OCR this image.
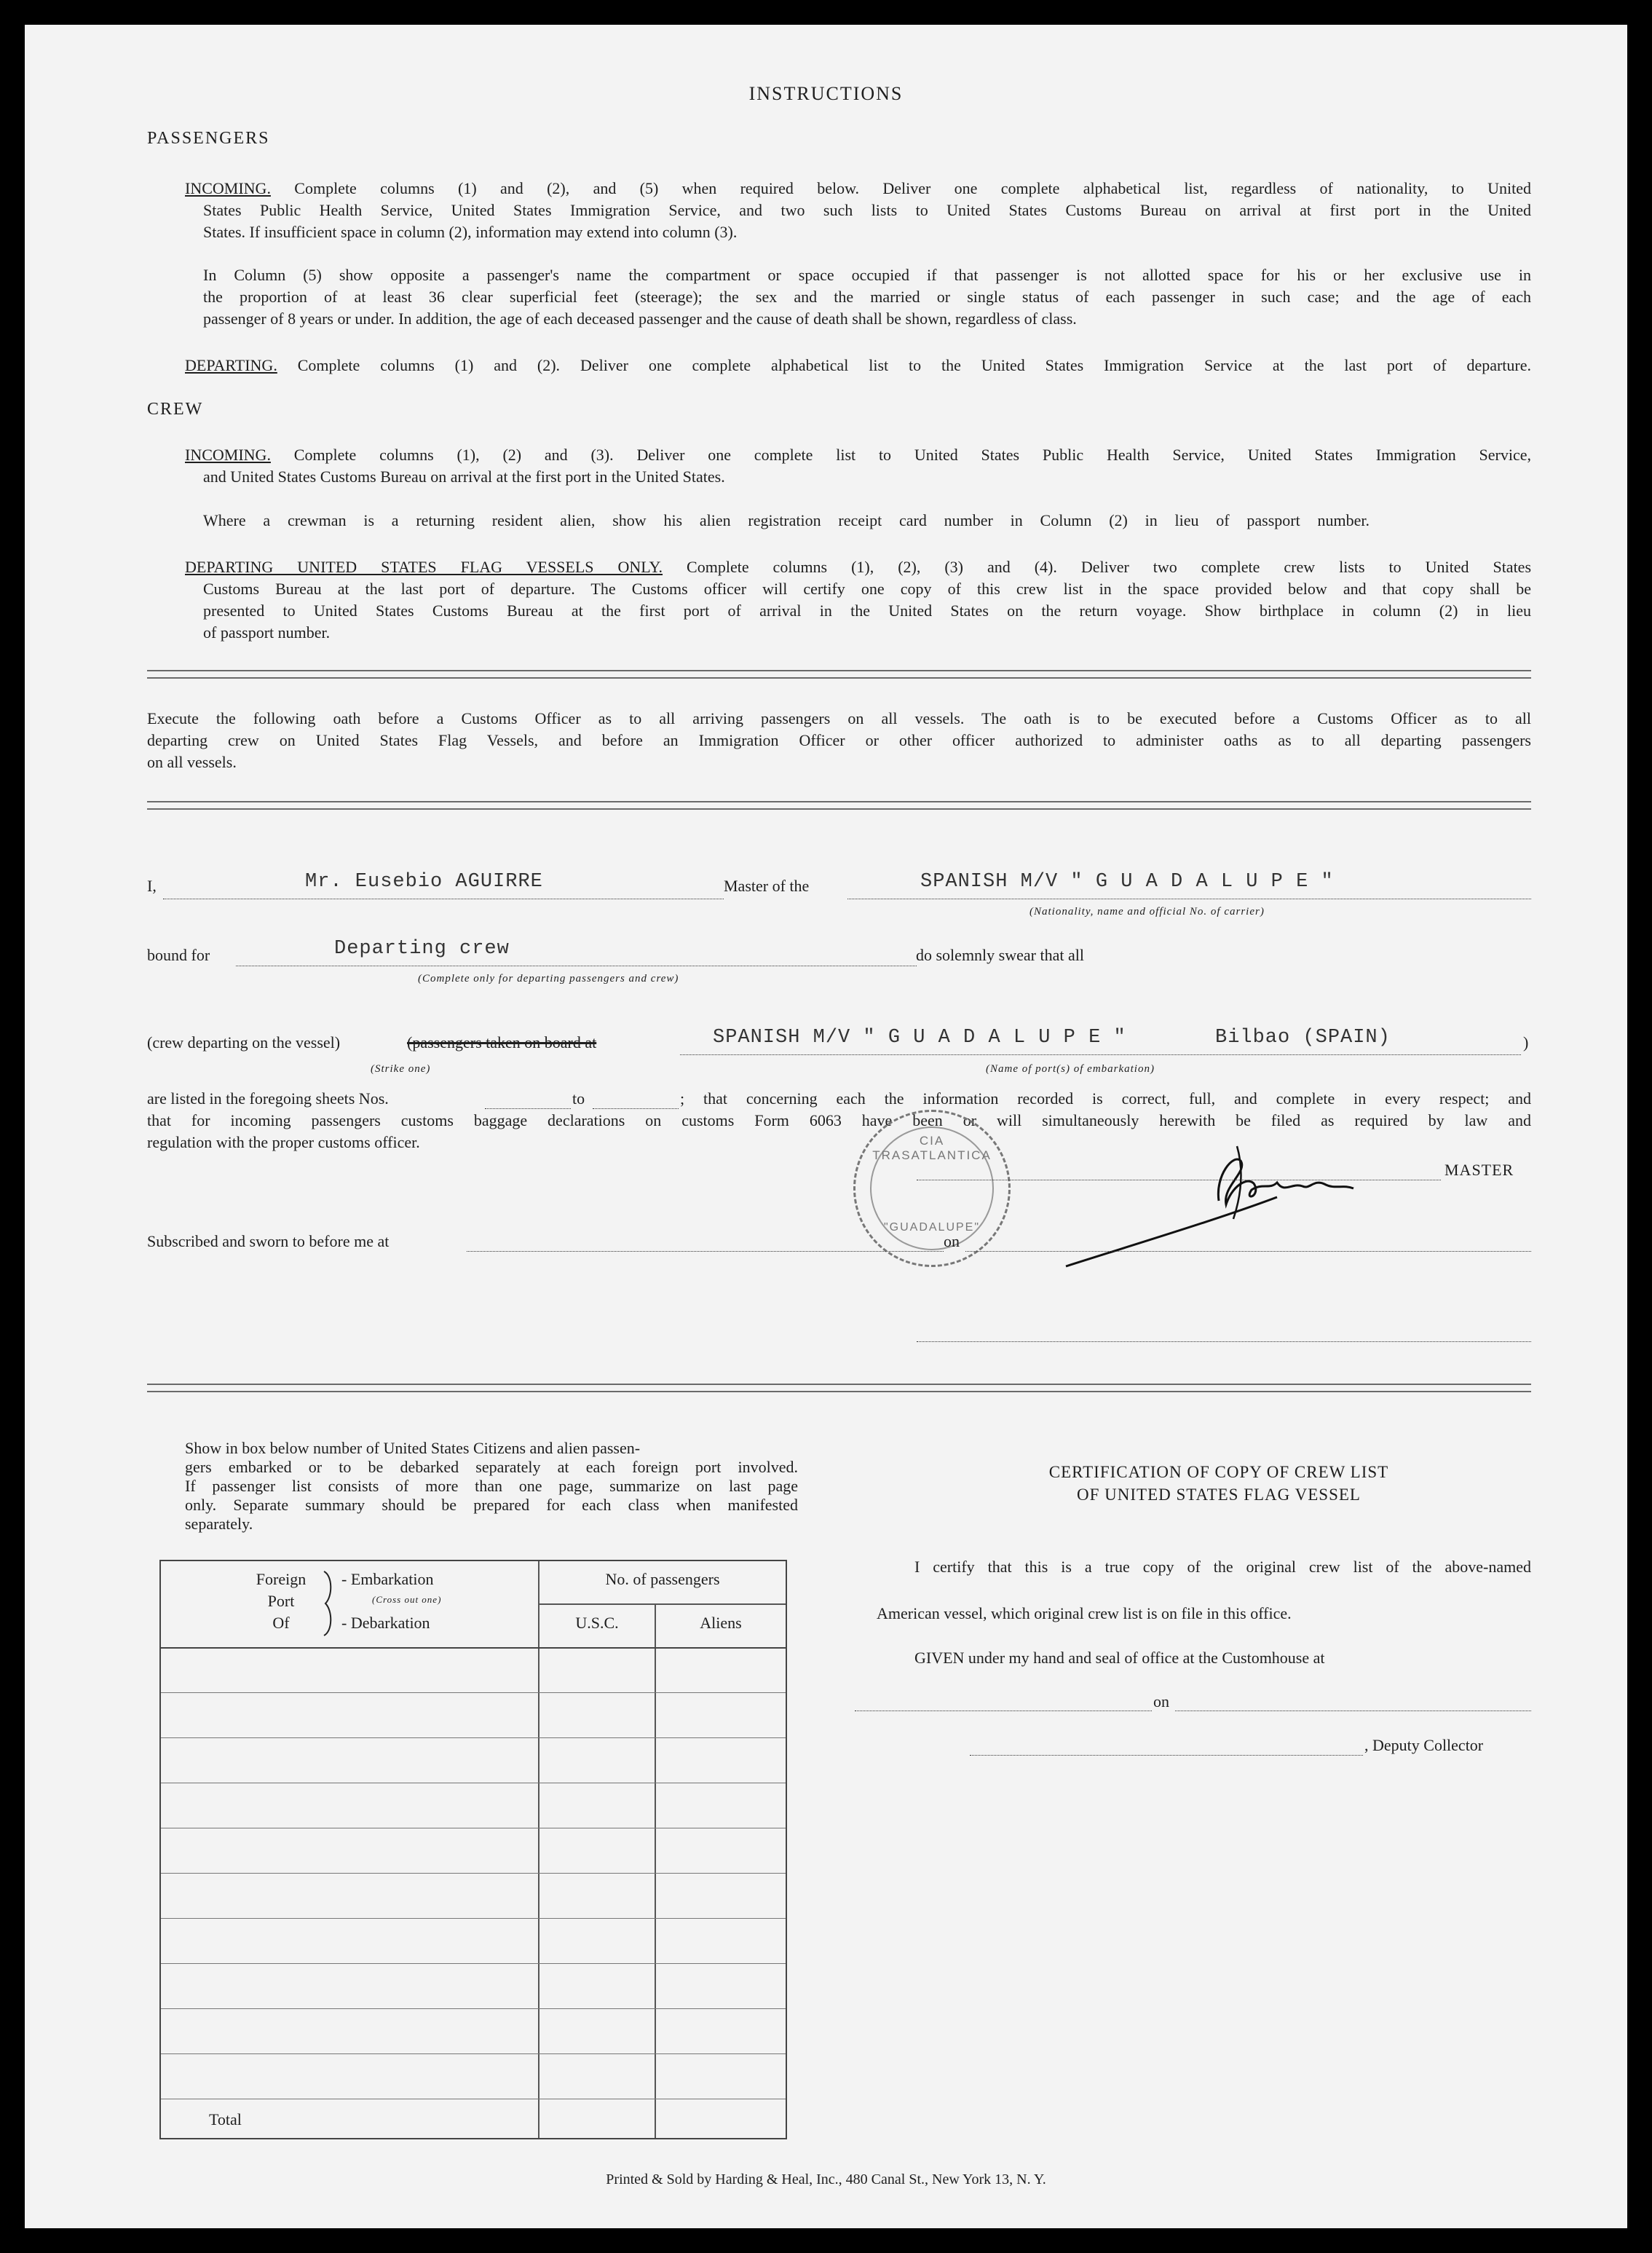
INSTRUCTIONS
PASSENGERS
INCOMING. Complete columns (1) and (2), and (5) when required below. Deliver one complete alphabetical list, regardless of nationality, to United
States Public Health Service, United States Immigration Service, and two such lists to United States Customs Bureau on arrival at first port in the United
States. If insufficient space in column (2), information may extend into column (3).
In Column (5) show opposite a passenger's name the compartment or space occupied if that passenger is not allotted space for his or her exclusive use in
the proportion of at least 36 clear superficial feet (steerage); the sex and the married or single status of each passenger in such case; and the age of each
passenger of 8 years or under. In addition, the age of each deceased passenger and the cause of death shall be shown, regardless of class.
DEPARTING. Complete columns (1) and (2). Deliver one complete alphabetical list to the United States Immigration Service at the last port of departure.
CREW
INCOMING. Complete columns (1), (2) and (3). Deliver one complete list to United States Public Health Service, United States Immigration Service,
and United States Customs Bureau on arrival at the first port in the United States.
Where a crewman is a returning resident alien, show his alien registration receipt card number in Column (2) in lieu of passport number.
DEPARTING UNITED STATES FLAG VESSELS ONLY. Complete columns (1), (2), (3) and (4). Deliver two complete crew lists to United States
Customs Bureau at the last port of departure. The Customs officer will certify one copy of this crew list in the space provided below and that copy shall be
presented to United States Customs Bureau at the first port of arrival in the United States on the return voyage. Show birthplace in column (2) in lieu
of passport number.
Execute the following oath before a Customs Officer as to all arriving passengers on all vessels. The oath is to be executed before a Customs Officer as to all
departing crew on United States Flag Vessels, and before an Immigration Officer or other officer authorized to administer oaths as to all departing passengers
on all vessels.
I,	Mr. Eusebio AGUIRRE	Master of the	SPANISH M/V " G U A D A L U P E "
(Nationality, name and official No. of carrier)
bound for	Departing crew
(Complete only for departing passengers and crew)
do solemnly swear that all
(crew departing on the vessel)	(passengers taken on board at
(Strike one)
SPANISH M/V " G U A D A L U P E "	Bilbao (SPAIN)
(Name of port(s) of embarkation)
)
are listed in the foregoing sheets Nos.	to	; that concerning each the information recorded is correct, full, and complete in every respect; and
that for incoming passengers customs baggage declarations on customs Form 6063 have been or will simultaneously herewith be filed as required by law and
regulation with the proper customs officer.	CIA TRASATLANTICA
"GUADALUPE"
MASTER
Subscribed and sworn to before me at	on
Show in box below number of United States Citizens and alien passen-
gers embarked or to be debarked separately at each foreign port involved.
If passenger list consists of more than one page, summarize on last page
only. Separate summary should be prepared for each class when manifested
separately.
Foreign
Port
Of
- Embarkation
(Cross out one)
- Debarkation
No. of passengers
U.S.C.	Aliens
Total
CERTIFICATION OF COPY OF CREW LIST
OF UNITED STATES FLAG VESSEL
I certify that this is a true copy of the original crew list of the above-named
American vessel, which original crew list is on file in this office.
GIVEN under my hand and seal of office at the Customhouse at
on
, Deputy Collector
Printed & Sold by Harding & Heal, Inc., 480 Canal St., New York 13, N. Y.
